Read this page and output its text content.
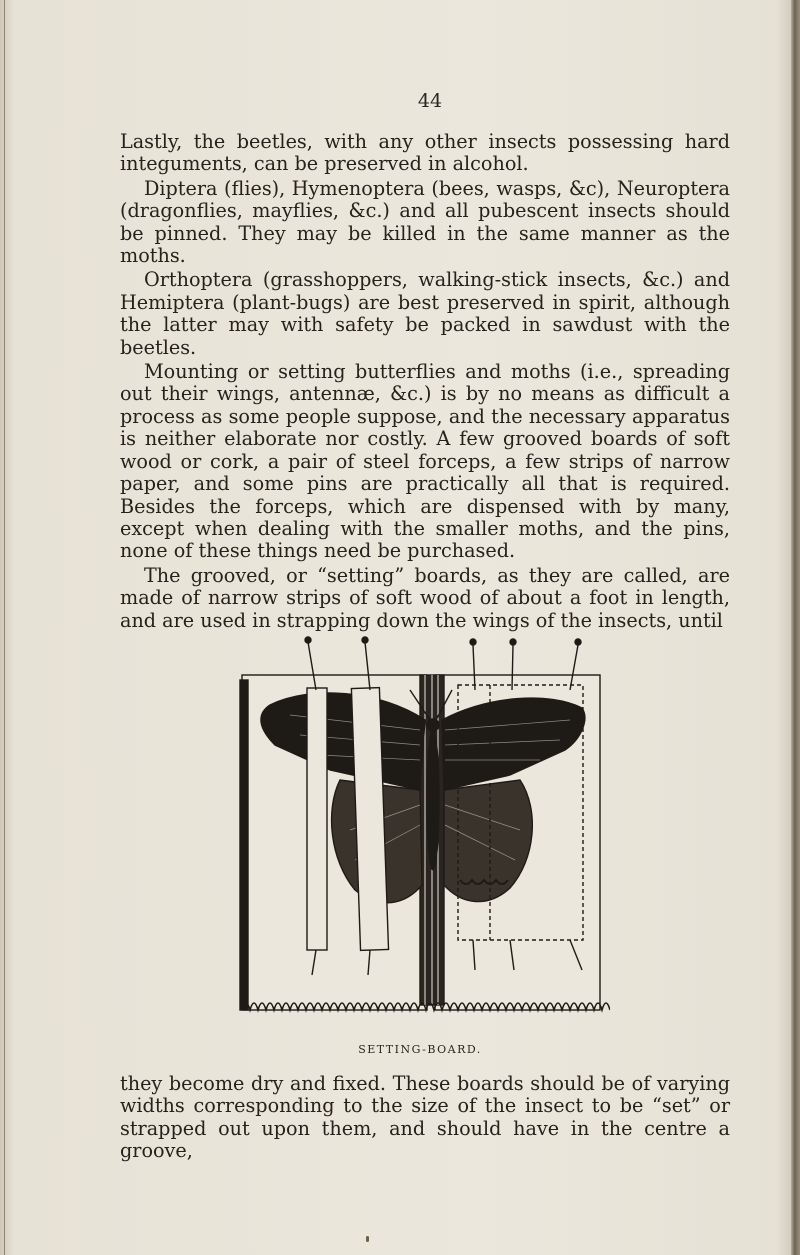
44

Lastly, the beetles, with any other insects possessing hard integuments, can be preserved in alcohol.

Diptera (flies), Hymenoptera (bees, wasps, &c), Neuroptera (dragonflies, mayflies, &c.) and all pubescent insects should be pinned. They may be killed in the same manner as the moths.

Orthoptera (grasshoppers, walking-stick insects, &c.) and Hemiptera (plant-bugs) are best preserved in spirit, although the latter may with safety be packed in sawdust with the beetles.

Mounting or setting butterflies and moths (i.e., spreading out their wings, antennæ, &c.) is by no means as difficult a process as some people suppose, and the necessary apparatus is neither elaborate nor costly. A few grooved boards of soft wood or cork, a pair of steel forceps, a few strips of narrow paper, and some pins are practically all that is required. Besides the forceps, which are dispensed with by many, except when dealing with the smaller moths, and the pins, none of these things need be purchased.

The grooved, or “setting” boards, as they are called, are made of narrow strips of soft wood of about a foot in length, and are used in strapping down the wings of the insects, until

SETTING-BOARD.

they become dry and fixed. These boards should be of varying widths corresponding to the size of the insect to be “set” or strapped out upon them, and should have in the centre a groove,
